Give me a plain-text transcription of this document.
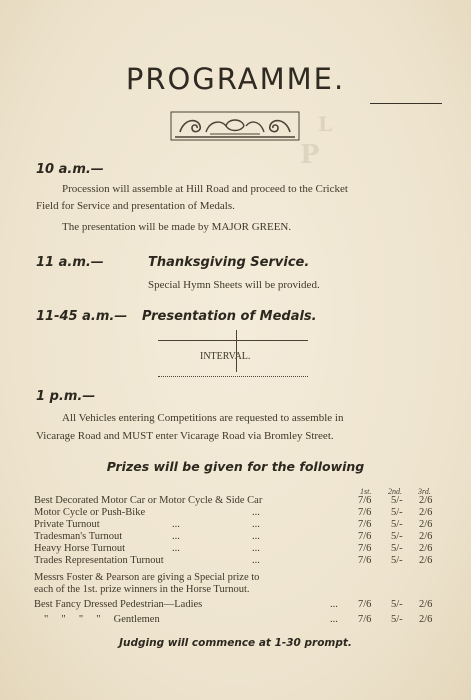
L
P
PROGRAMME.
10 a.m.—
Procession will assemble at Hill Road and proceed to the Cricket
Field for Service and presentation of Medals.
The presentation will be made by MAJOR GREEN.
11 a.m.—	Thanksgiving Service.
Special Hymn Sheets will be provided.
11-45 a.m.— Presentation of Medals.
INTERVAL.
1 p.m.—
All Vehicles entering Competitions are requested to assemble in
Vicarage Road and MUST enter Vicarage Road via Bromley Street.
Prizes will be given for the following
1st. 2nd. 3rd.
Best Decorated Motor Car or Motor Cycle & Side Car	7/6 5/- 2/6
Motor Cycle or Push-Bike	...	7/6 5/- 2/6
Private Turnout	...	...	7/6 5/- 2/6
Tradesman's Turnout	...	...	7/6 5/- 2/6
Heavy Horse Turnout	...	...	7/6 5/- 2/6
Trades Representation Turnout	...	7/6 5/- 2/6
Messrs Foster & Pearson are giving a Special prize to
each of the 1st. prize winners in the Horse Turnout.
Best Fancy Dressed Pedestrian—Ladies	... 7/6 5/- 2/6
"     "     "     "     Gentlemen	... 7/6 5/- 2/6
Judging will commence at 1-30 prompt.
